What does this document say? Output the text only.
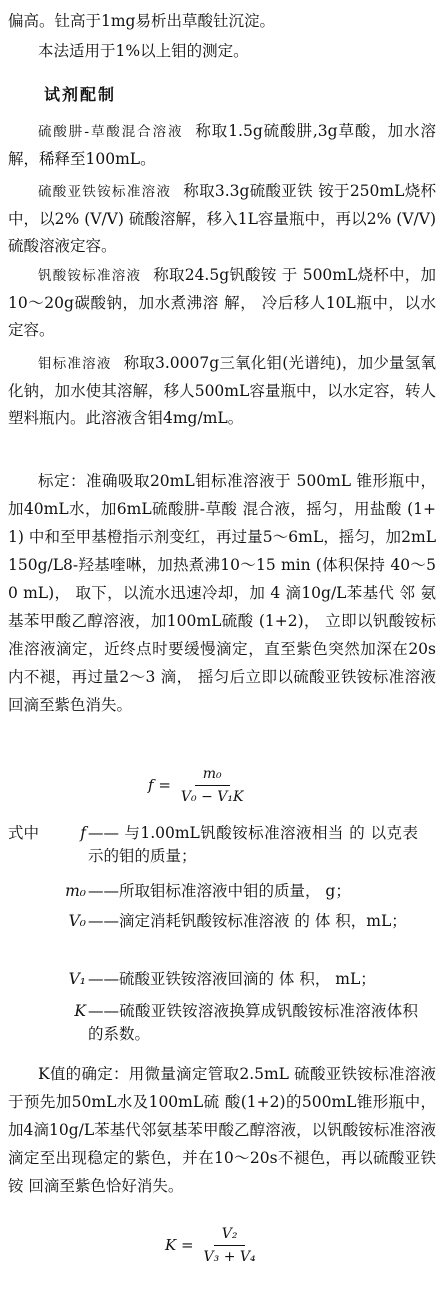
偏高。钍高于1mg易析出草酸钍沉淀。

本法适用于1%以上钼的测定。

试剂配制

硫酸肼-草酸混合溶液 称取1.5g硫酸肼,3g草酸，加水溶解，稀释至100mL。

硫酸亚铁铵标准溶液 称取3.3g硫酸亚铁 铵于250mL烧杯中，以2% (V/V) 硫酸溶解，移入1L容量瓶中，再以2% (V/V) 硫酸溶液定容。

钒酸铵标准溶液 称取24.5g钒酸铵 于 500mL烧杯中，加10～20g碳酸钠，加水煮沸溶 解， 冷后移人10L瓶中，以水定容。

钼标准溶液 称取3.0007g三氧化钼(光谱纯)，加少量氢氧化钠，加水使其溶解，移人500mL容量瓶中，以水定容，转人塑料瓶内。此溶液含钼4mg/mL。

标定：准确吸取20mL钼标准溶液于 500mL 锥形瓶中，加40mL水，加6mL硫酸肼-草酸 混合液，摇匀，用盐酸 (1+1) 中和至甲基橙指示剂变红，再过量5～6mL，摇匀，加2mL150g/L8-羟基喹啉，加热煮沸10～15 min (体积保持 40～50 mL)， 取下，以流水迅速冷却，加 4 滴10g/L苯基代 邻 氨基苯甲酸乙醇溶液，加100mL硫酸 (1+2)， 立即以钒酸铵标准溶液滴定，近终点时要缓慢滴定，直至紫色突然加深在20s内不褪，再过量2～3 滴， 摇匀后立即以硫酸亚铁铵标准溶液回滴至紫色消失。

$f = \frac{\text{m₀}}{\text{V₀ − V₁K}}$
式中	f —— 与1.00mL钒酸铵标准溶液相当 的 以克表示的钼的质量；
m₀ ——所取钼标准溶液中钼的质量， g；
V₀ ——滴定消耗钒酸铵标准溶液 的 体 积，mL；
V₁ ——硫酸亚铁铵溶液回滴的 体 积， mL；
K ——硫酸亚铁铵溶液换算成钒酸铵标准溶液体积的系数。

K值的确定：用微量滴定管取2.5mL 硫酸亚铁铵标准溶液于预先加50mL水及100mL硫 酸(1+2)的500mL锥形瓶中，加4滴10g/L苯基代邻氨基苯甲酸乙醇溶液，以钒酸铵标准溶液滴定至出现稳定的紫色，并在10～20s不褪色，再以硫酸亚铁 铵 回滴至紫色恰好消失。

$K = \frac{\text{V₂}}{\text{V₃ + V₄}}$
